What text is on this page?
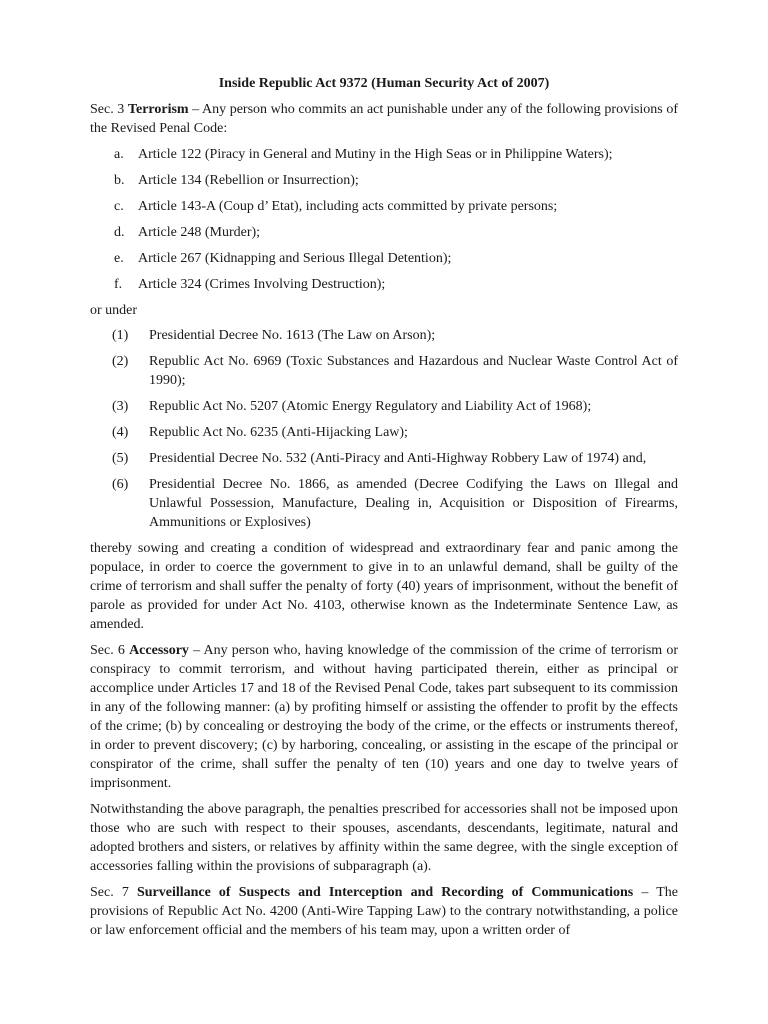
Inside Republic Act 9372 (Human Security Act of 2007)

Sec. 3 Terrorism – Any person who commits an act punishable under any of the following provisions of the Revised Penal Code:

a.	Article 122 (Piracy in General and Mutiny in the High Seas or in Philippine Waters);
b. Article 134 (Rebellion or Insurrection);
c.	Article 143-A (Coup d’ Etat), including acts committed by private persons;
d. Article 248 (Murder);
e.	Article 267 (Kidnapping and Serious Illegal Detention);
f.	Article 324 (Crimes Involving Destruction);

or under

(1)	Presidential Decree No. 1613 (The Law on Arson);
(2)	Republic Act No. 6969 (Toxic Substances and Hazardous and Nuclear Waste Control Act of 1990);
(3)	Republic Act No. 5207 (Atomic Energy Regulatory and Liability Act of 1968);
(4)	Republic Act No. 6235 (Anti-Hijacking Law);
(5)	Presidential Decree No. 532 (Anti-Piracy and Anti-Highway Robbery Law of 1974) and,
(6)	Presidential Decree No. 1866, as amended (Decree Codifying the Laws on Illegal and Unlawful Possession, Manufacture, Dealing in, Acquisition or Disposition of Firearms, Ammunitions or Explosives)

thereby sowing and creating a condition of widespread and extraordinary fear and panic among the populace, in order to coerce the government to give in to an unlawful demand, shall be guilty of the crime of terrorism and shall suffer the penalty of forty (40) years of imprisonment, without the benefit of parole as provided for under Act No. 4103, otherwise known as the Indeterminate Sentence Law, as amended.

Sec. 6 Accessory – Any person who, having knowledge of the commission of the crime of terrorism or conspiracy to commit terrorism, and without having participated therein, either as principal or accomplice under Articles 17 and 18 of the Revised Penal Code, takes part subsequent to its commission in any of the following manner: (a) by profiting himself or assisting the offender to profit by the effects of the crime; (b) by concealing or destroying the body of the crime, or the effects or instruments thereof, in order to prevent discovery; (c) by harboring, concealing, or assisting in the escape of the principal or conspirator of the crime, shall suffer the penalty of ten (10) years and one day to twelve years of imprisonment.

Notwithstanding the above paragraph, the penalties prescribed for accessories shall not be imposed upon those who are such with respect to their spouses, ascendants, descendants, legitimate, natural and adopted brothers and sisters, or relatives by affinity within the same degree, with the single exception of accessories falling within the provisions of subparagraph (a).

Sec. 7 Surveillance of Suspects and Interception and Recording of Communications – The provisions of Republic Act No. 4200 (Anti-Wire Tapping Law) to the contrary notwithstanding, a police or law enforcement official and the members of his team may, upon a written order of
